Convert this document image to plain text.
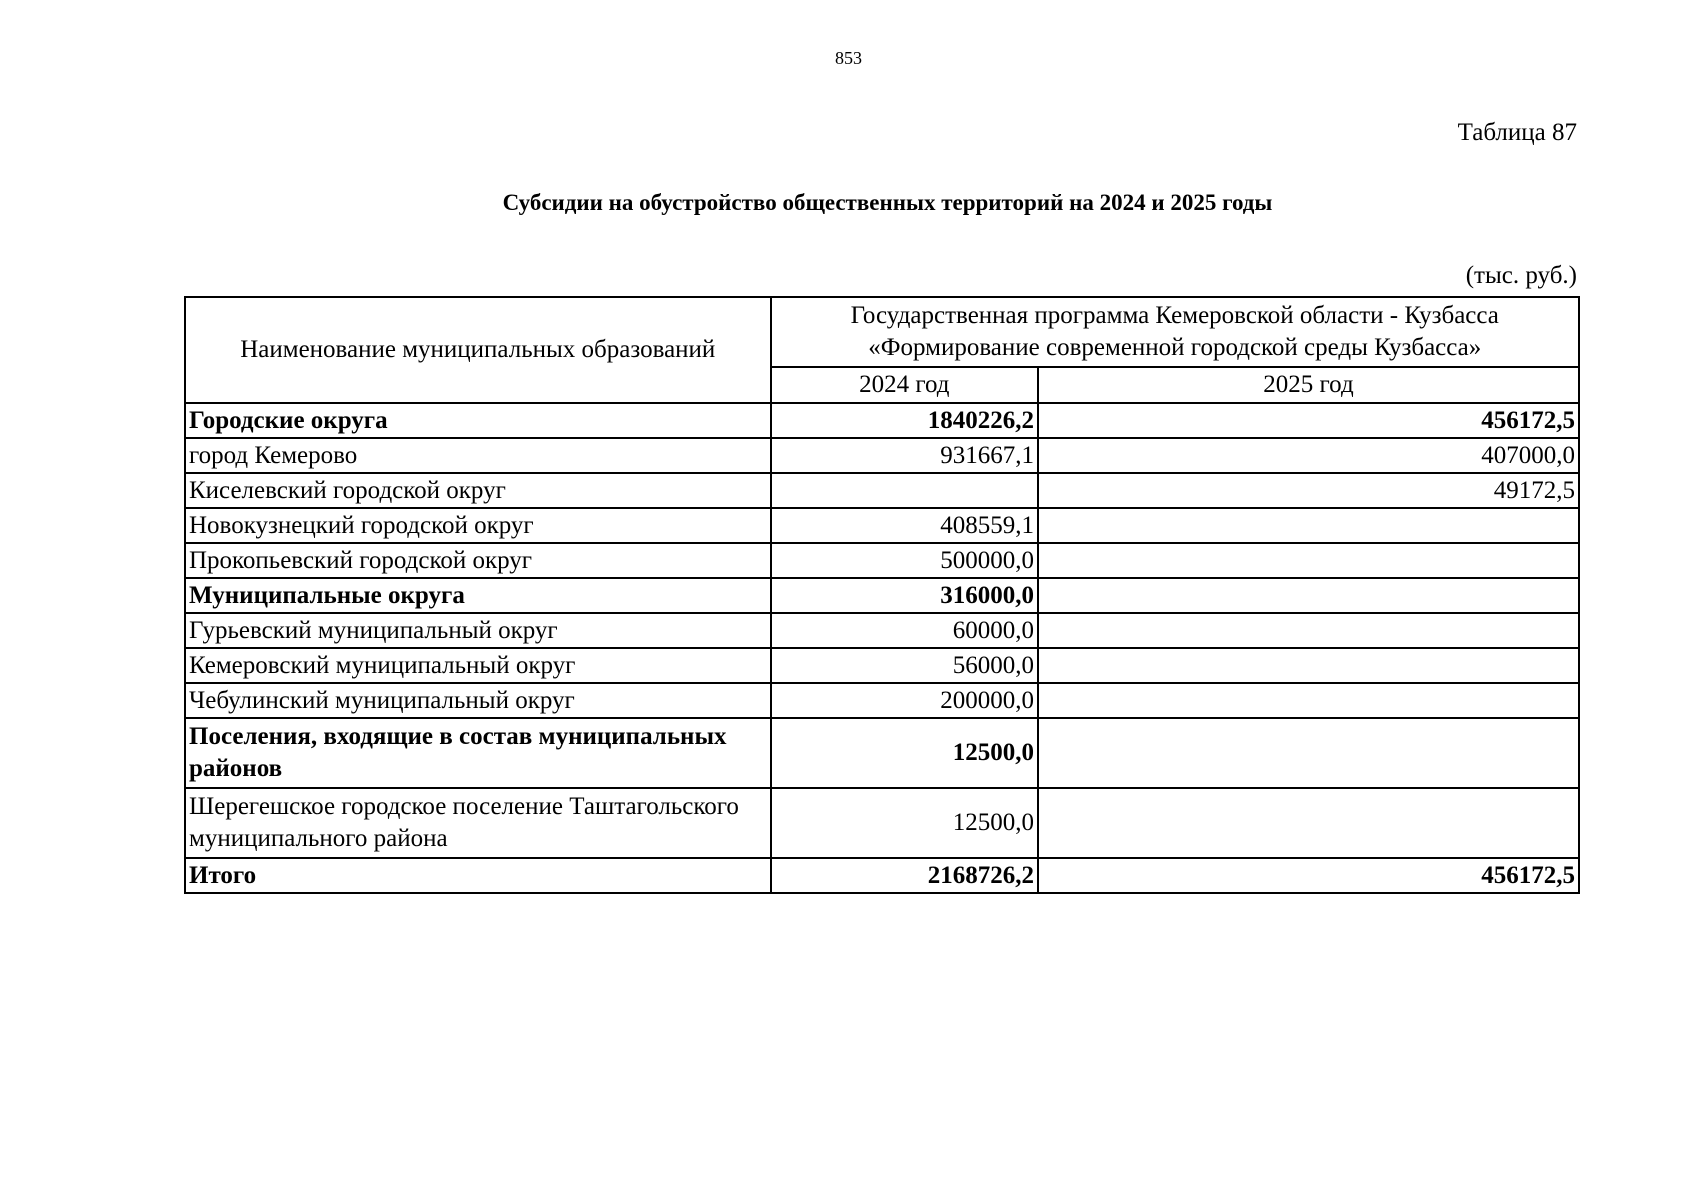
853
Таблица 87
Субсидии на обустройство общественных территорий на 2024 и 2025 годы
(тыс. руб.)
Наименование муниципальных образований	Государственная программа Кемеровской области - Кузбасса
«Формирование современной городской среды Кузбасса»	

	2024 год	2025 год
Городские округа	1840226,2	456172,5
город Кемерово	931667,1	407000,0
Киселевский городской округ		49172,5
Новокузнецкий городской округ	408559,1	
Прокопьевский городской округ	500000,0	
Муниципальные округа	316000,0	
Гурьевский муниципальный округ	60000,0	
Кемеровский муниципальный округ	56000,0	
Чебулинский муниципальный округ	200000,0	
Поселения, входящие в состав муниципальных районов	12500,0	
Шерегешское городское поселение Таштагольского муниципального района	12500,0	
Итого	2168726,2	456172,5
